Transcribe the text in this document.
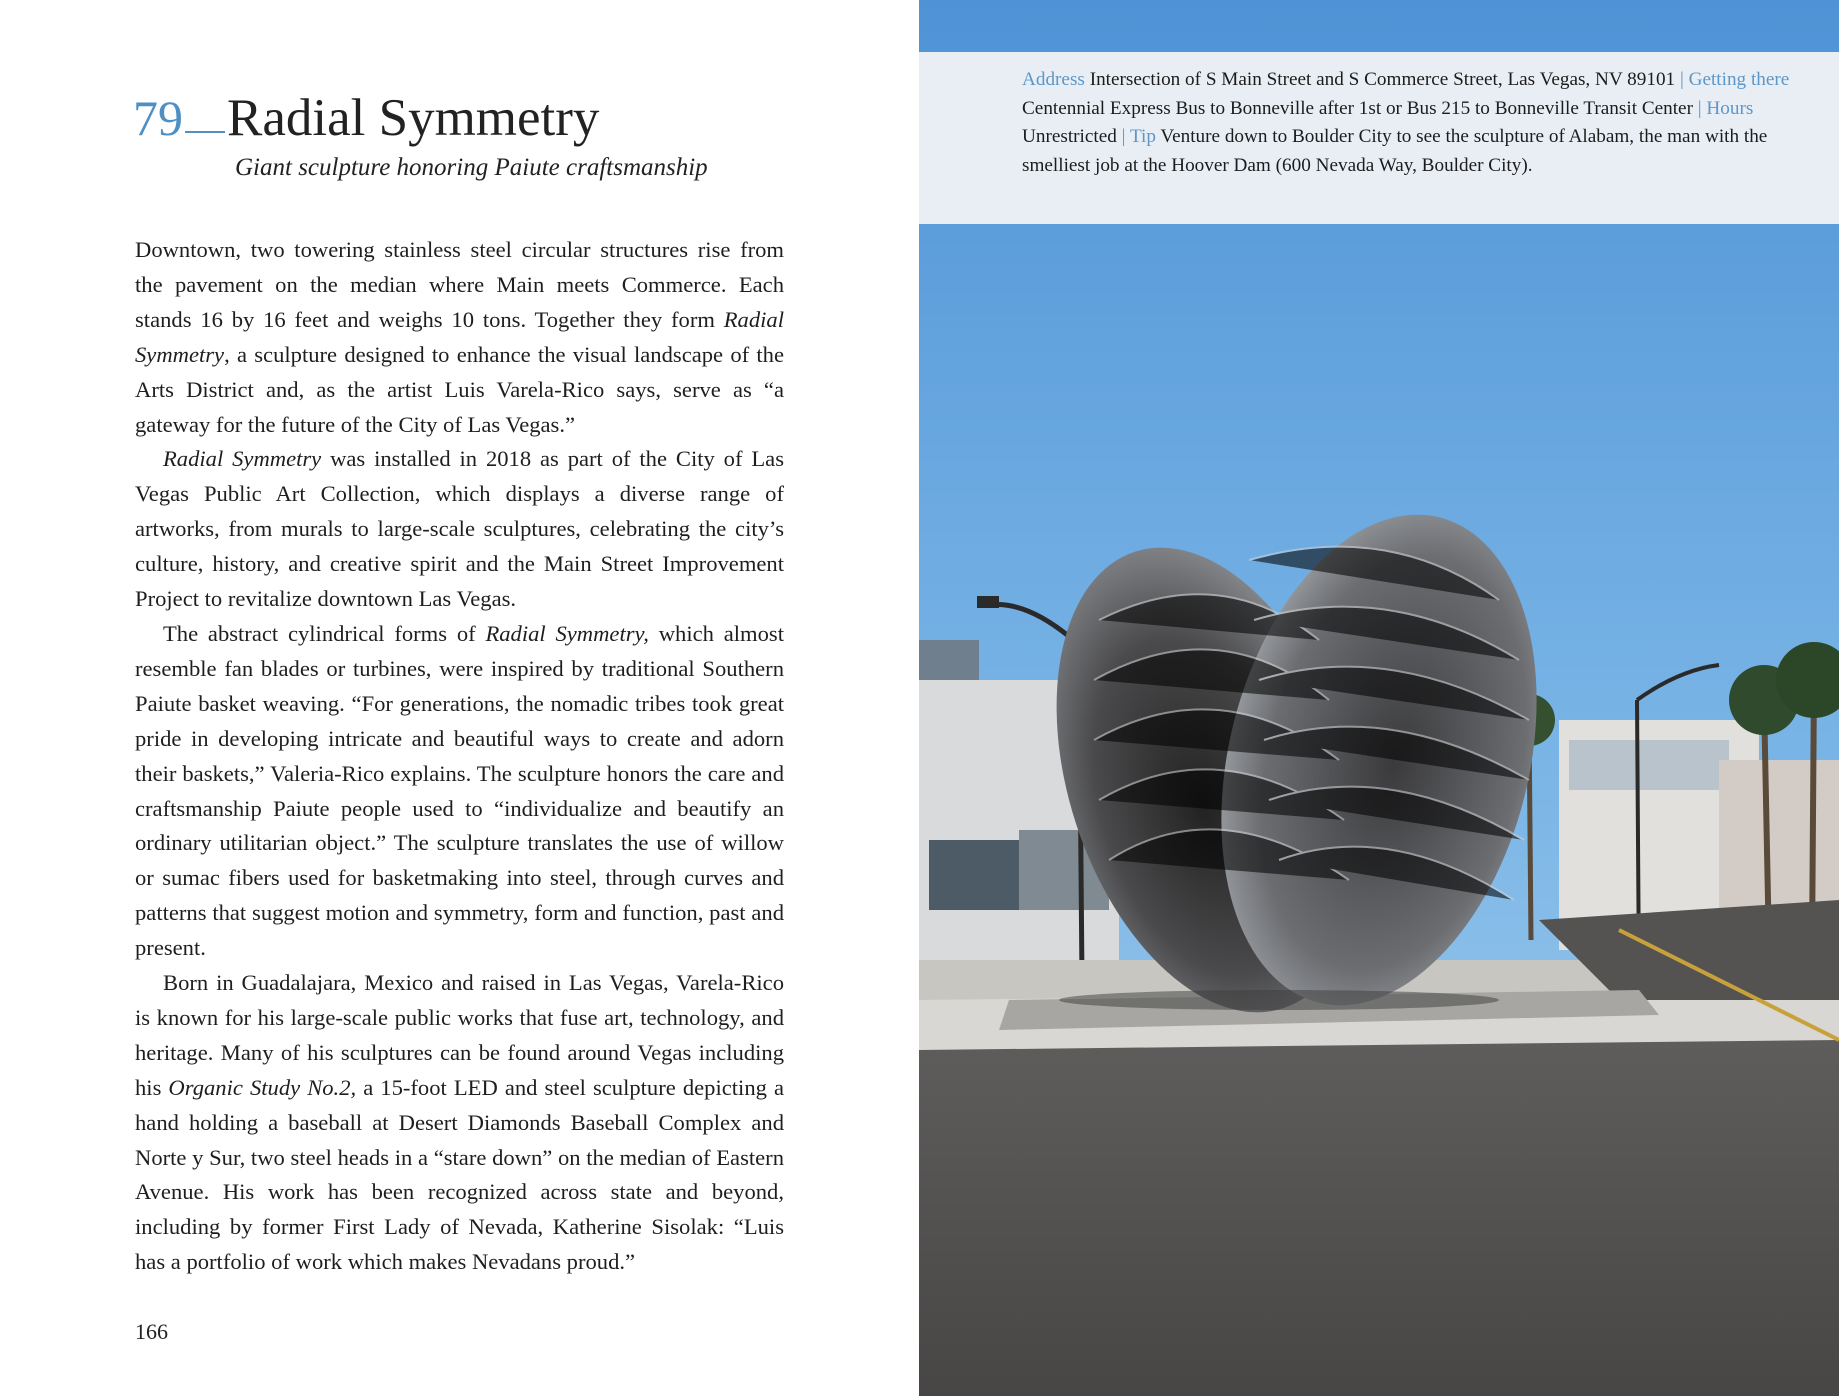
79 Radial Symmetry
Giant sculpture honoring Paiute craftsmanship

Downtown, two towering stainless steel circular structures rise from the pavement on the median where Main meets Commerce. Each stands 16 by 16 feet and weighs 10 tons. Together they form Radial Symmetry, a sculpture designed to enhance the visual landscape of the Arts District and, as the artist Luis Varela-Rico says, serve as “a gateway for the future of the City of Las Vegas.”

Radial Symmetry was installed in 2018 as part of the City of Las Vegas Public Art Collection, which displays a diverse range of artworks, from murals to large-scale sculptures, celebrating the city’s culture, history, and creative spirit and the Main Street Improvement Project to revitalize downtown Las Vegas.

The abstract cylindrical forms of Radial Symmetry, which almost resemble fan blades or turbines, were inspired by traditional Southern Paiute basket weaving. “For generations, the nomadic tribes took great pride in developing intricate and beautiful ways to create and adorn their baskets,” Valeria-Rico explains. The sculpture honors the care and craftsmanship Paiute people used to “individualize and beautify an ordinary utilitarian object.” The sculpture translates the use of willow or sumac fibers used for basketmaking into steel, through curves and patterns that suggest motion and symmetry, form and function, past and present.

Born in Guadalajara, Mexico and raised in Las Vegas, Varela-Rico is known for his large-scale public works that fuse art, technology, and heritage. Many of his sculptures can be found around Vegas including his Organic Study No.2, a 15-foot LED and steel sculpture depicting a hand holding a baseball at Desert Diamonds Baseball Complex and Norte y Sur, two steel heads in a “stare down” on the median of Eastern Avenue. His work has been recognized across state and beyond, including by former First Lady of Nevada, Katherine Sisolak: “Luis has a portfolio of work which makes Nevadans proud.”

166
Address Intersection of S Main Street and S Commerce Street, Las Vegas, NV 89101 | Getting there Centennial Express Bus to Bonneville after 1st or Bus 215 to Bonneville Transit Center | Hours Unrestricted | Tip Venture down to Boulder City to see the sculpture of Alabam, the man with the smelliest job at the Hoover Dam (600 Nevada Way, Boulder City).
